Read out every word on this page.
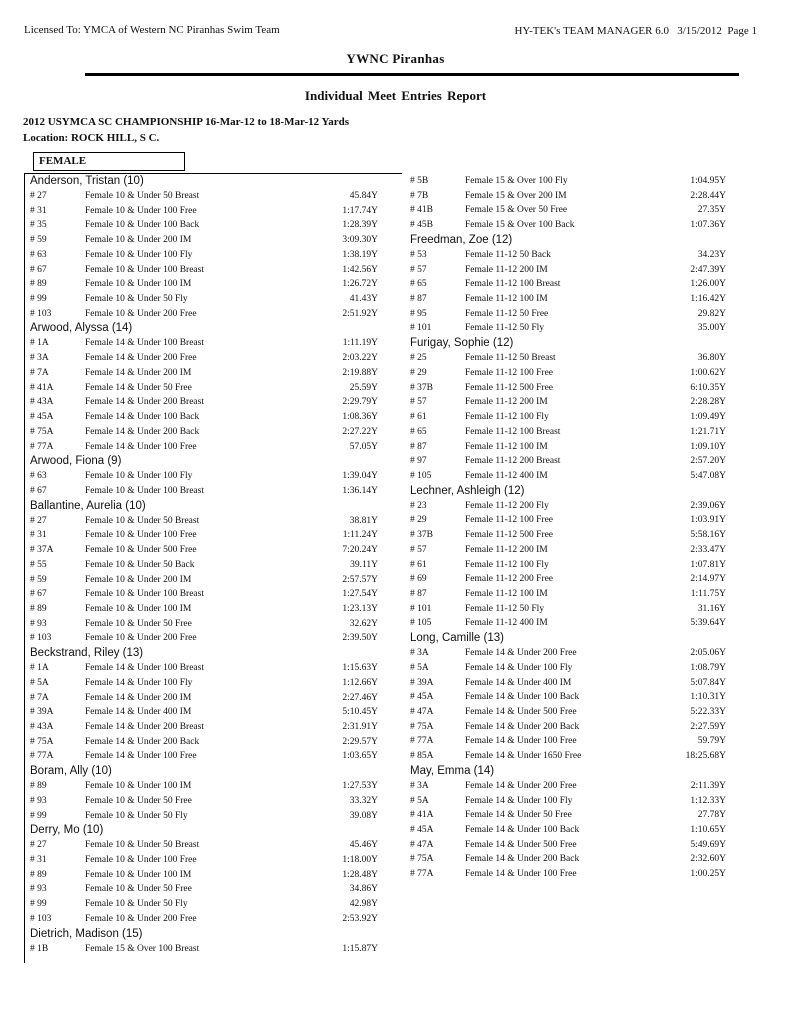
Licensed To: YMCA of Western NC Piranhas Swim Team	HY-TEK's TEAM MANAGER 6.0   3/15/2012  Page 1
YWNC Piranhas
Individual Meet Entries Report
2012 USYMCA SC CHAMPIONSHIP 16-Mar-12 to 18-Mar-12 Yards
Location: ROCK HILL, S C.
FEMALE
Anderson, Tristan (10)
# 27	Female 10 & Under 50 Breast	45.84Y
# 31	Female 10 & Under 100 Free	1:17.74Y
# 35	Female 10 & Under 100 Back	1:28.39Y
# 59	Female 10 & Under 200 IM	3:09.30Y
# 63	Female 10 & Under 100 Fly	1:38.19Y
# 67	Female 10 & Under 100 Breast	1:42.56Y
# 89	Female 10 & Under 100 IM	1:26.72Y
# 99	Female 10 & Under 50 Fly	41.43Y
# 103	Female 10 & Under 200 Free	2:51.92Y
Arwood, Alyssa (14)
# 1A	Female 14 & Under 100 Breast	1:11.19Y
# 3A	Female 14 & Under 200 Free	2:03.22Y
# 7A	Female 14 & Under 200 IM	2:19.88Y
# 41A	Female 14 & Under 50 Free	25.59Y
# 43A	Female 14 & Under 200 Breast	2:29.79Y
# 45A	Female 14 & Under 100 Back	1:08.36Y
# 75A	Female 14 & Under 200 Back	2:27.22Y
# 77A	Female 14 & Under 100 Free	57.05Y
Arwood, Fiona (9)
# 63	Female 10 & Under 100 Fly	1:39.04Y
# 67	Female 10 & Under 100 Breast	1:36.14Y
Ballantine, Aurelia (10)
# 27	Female 10 & Under 50 Breast	38.81Y
# 31	Female 10 & Under 100 Free	1:11.24Y
# 37A	Female 10 & Under 500 Free	7:20.24Y
# 55	Female 10 & Under 50 Back	39.11Y
# 59	Female 10 & Under 200 IM	2:57.57Y
# 67	Female 10 & Under 100 Breast	1:27.54Y
# 89	Female 10 & Under 100 IM	1:23.13Y
# 93	Female 10 & Under 50 Free	32.62Y
# 103	Female 10 & Under 200 Free	2:39.50Y
Beckstrand, Riley (13)
# 1A	Female 14 & Under 100 Breast	1:15.63Y
# 5A	Female 14 & Under 100 Fly	1:12.66Y
# 7A	Female 14 & Under 200 IM	2:27.46Y
# 39A	Female 14 & Under 400 IM	5:10.45Y
# 43A	Female 14 & Under 200 Breast	2:31.91Y
# 75A	Female 14 & Under 200 Back	2:29.57Y
# 77A	Female 14 & Under 100 Free	1:03.65Y
Boram, Ally (10)
# 89	Female 10 & Under 100 IM	1:27.53Y
# 93	Female 10 & Under 50 Free	33.32Y
# 99	Female 10 & Under 50 Fly	39.08Y
Derry, Mo (10)
# 27	Female 10 & Under 50 Breast	45.46Y
# 31	Female 10 & Under 100 Free	1:18.00Y
# 89	Female 10 & Under 100 IM	1:28.48Y
# 93	Female 10 & Under 50 Free	34.86Y
# 99	Female 10 & Under 50 Fly	42.98Y
# 103	Female 10 & Under 200 Free	2:53.92Y
Dietrich, Madison (15)
# 1B	Female 15 & Over 100 Breast	1:15.87Y
# 5B	Female 15 & Over 100 Fly	1:04.95Y
# 7B	Female 15 & Over 200 IM	2:28.44Y
# 41B	Female 15 & Over 50 Free	27.35Y
# 45B	Female 15 & Over 100 Back	1:07.36Y
Freedman, Zoe (12)
# 53	Female 11-12 50 Back	34.23Y
# 57	Female 11-12 200 IM	2:47.39Y
# 65	Female 11-12 100 Breast	1:26.00Y
# 87	Female 11-12 100 IM	1:16.42Y
# 95	Female 11-12 50 Free	29.82Y
# 101	Female 11-12 50 Fly	35.00Y
Furigay, Sophie (12)
# 25	Female 11-12 50 Breast	36.80Y
# 29	Female 11-12 100 Free	1:00.62Y
# 37B	Female 11-12 500 Free	6:10.35Y
# 57	Female 11-12 200 IM	2:28.28Y
# 61	Female 11-12 100 Fly	1:09.49Y
# 65	Female 11-12 100 Breast	1:21.71Y
# 87	Female 11-12 100 IM	1:09.10Y
# 97	Female 11-12 200 Breast	2:57.20Y
# 105	Female 11-12 400 IM	5:47.08Y
Lechner, Ashleigh (12)
# 23	Female 11-12 200 Fly	2:39.06Y
# 29	Female 11-12 100 Free	1:03.91Y
# 37B	Female 11-12 500 Free	5:58.16Y
# 57	Female 11-12 200 IM	2:33.47Y
# 61	Female 11-12 100 Fly	1:07.81Y
# 69	Female 11-12 200 Free	2:14.97Y
# 87	Female 11-12 100 IM	1:11.75Y
# 101	Female 11-12 50 Fly	31.16Y
# 105	Female 11-12 400 IM	5:39.64Y
Long, Camille (13)
# 3A	Female 14 & Under 200 Free	2:05.06Y
# 5A	Female 14 & Under 100 Fly	1:08.79Y
# 39A	Female 14 & Under 400 IM	5:07.84Y
# 45A	Female 14 & Under 100 Back	1:10.31Y
# 47A	Female 14 & Under 500 Free	5:22.33Y
# 75A	Female 14 & Under 200 Back	2:27.59Y
# 77A	Female 14 & Under 100 Free	59.79Y
# 85A	Female 14 & Under 1650 Free	18:25.68Y
May, Emma (14)
# 3A	Female 14 & Under 200 Free	2:11.39Y
# 5A	Female 14 & Under 100 Fly	1:12.33Y
# 41A	Female 14 & Under 50 Free	27.78Y
# 45A	Female 14 & Under 100 Back	1:10.65Y
# 47A	Female 14 & Under 500 Free	5:49.69Y
# 75A	Female 14 & Under 200 Back	2:32.60Y
# 77A	Female 14 & Under 100 Free	1:00.25Y
